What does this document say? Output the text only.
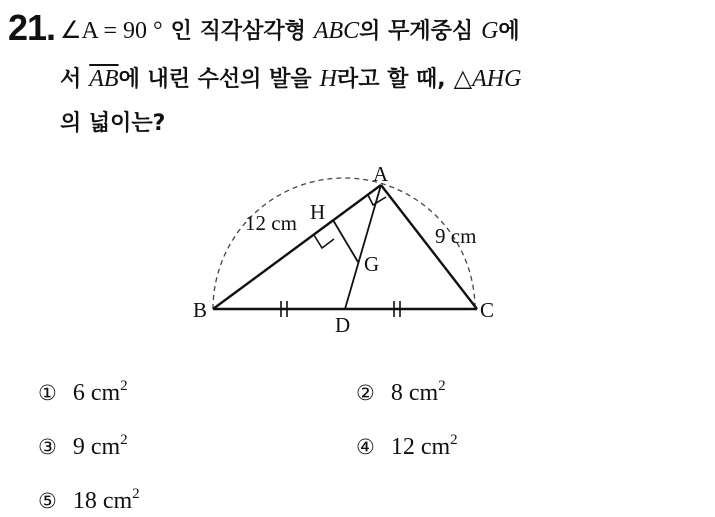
21. ∠A = 90 ° 인 직각삼각형 ABC의 무게중심 G에
서 $\overline{AB}$에 내린 수선의 발을 H라고 할 때, △AHG
의 넓이는?
A
B	C
D
G
H
12 cm
9 cm
① 6 $cm^2$	② 8 $cm^2$
③ 9 $cm^2$	④ 12 $cm^2$
⑤ 18 $cm^2$
